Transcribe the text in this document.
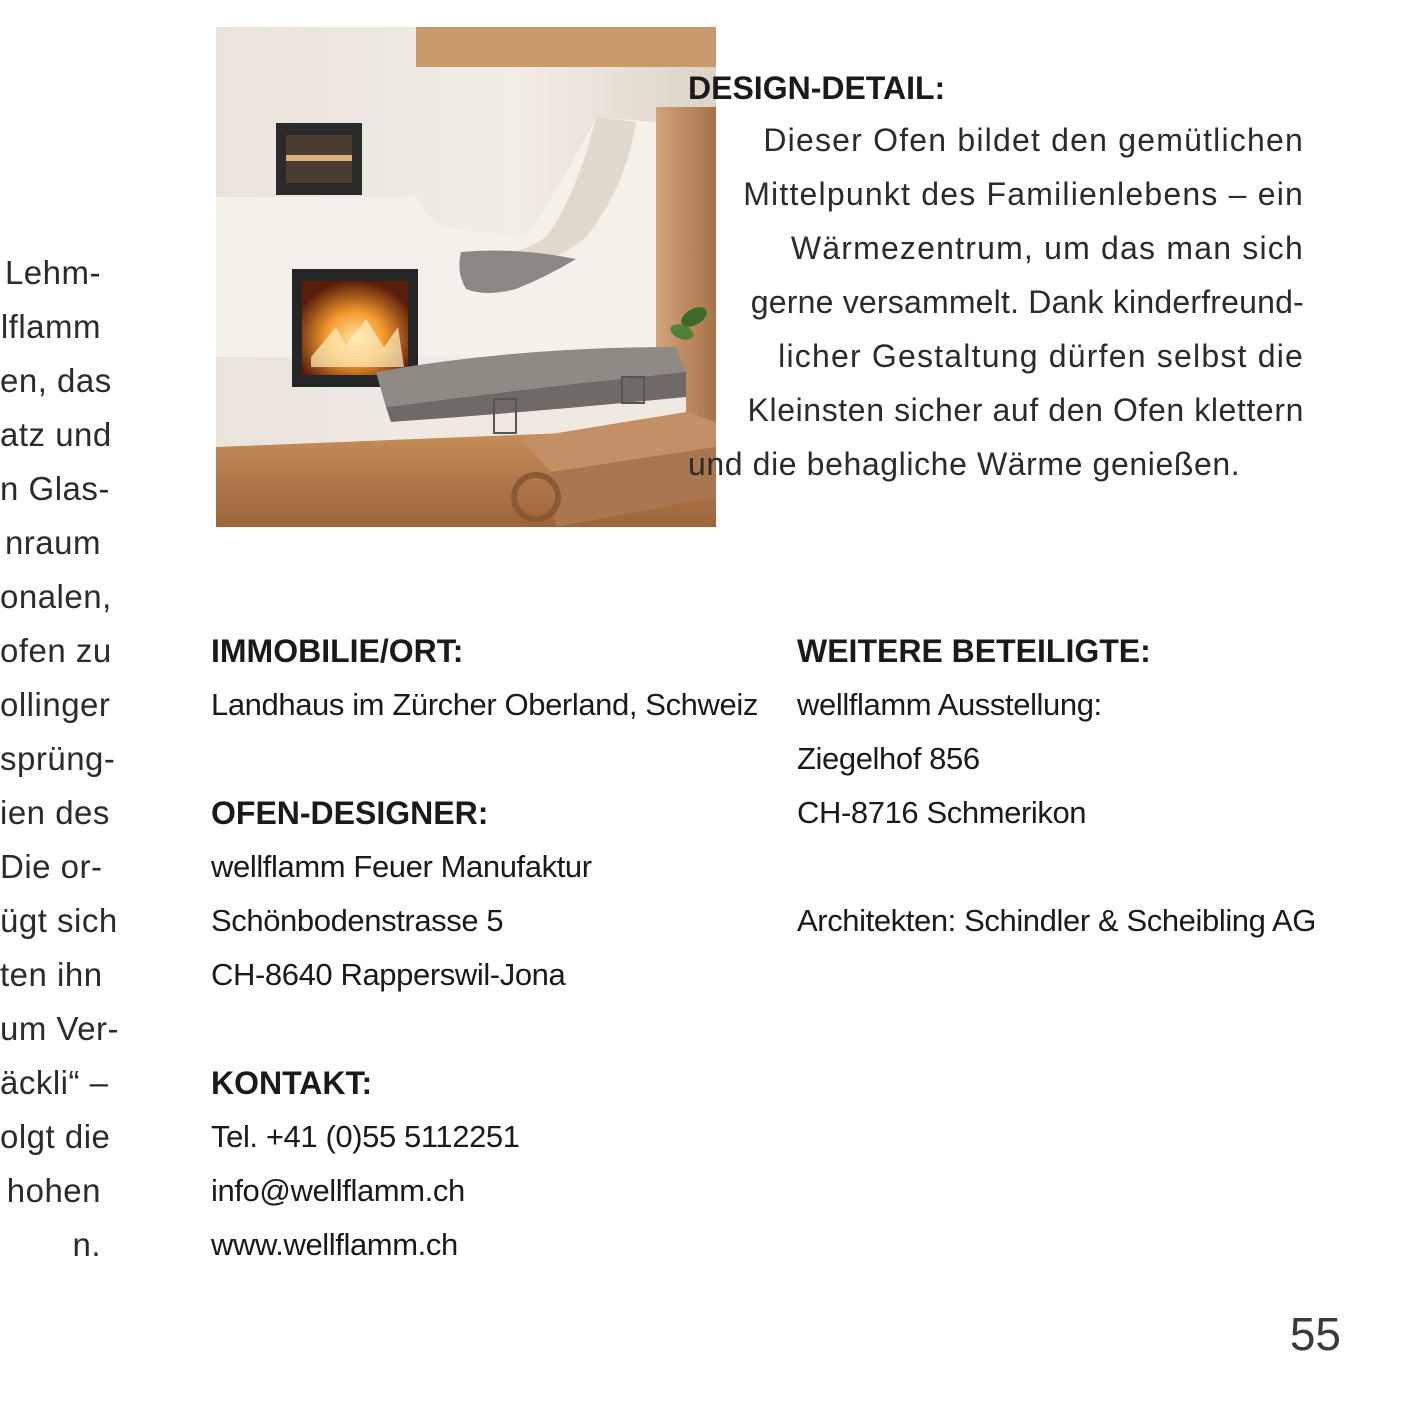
Lehm-
lflamm
en, das
atz und
n Glas-
nraum
onalen,
ofen zu
ollinger
sprüng-
ien des
Die or-
ügt sich
ten ihn
um Ver-
äckli“ –
olgt die
hohen
n.
DESIGN-DETAIL:
Dieser Ofen bildet den gemütlichen
Mittelpunkt des Familienlebens – ein
Wärmezentrum, um das man sich
gerne versammelt. Dank kinderfreund-
licher Gestaltung dürfen selbst die
Kleinsten sicher auf den Ofen klettern
und die behagliche Wärme genießen.
IMMOBILIE/ORT:
Landhaus im Zürcher Oberland, Schweiz
OFEN-DESIGNER:
wellflamm Feuer Manufaktur
Schönbodenstrasse 5
CH-8640 Rapperswil-Jona
KONTAKT:
Tel. +41 (0)55 5112251
info@wellflamm.ch
www.wellflamm.ch
WEITERE BETEILIGTE:
wellflamm Ausstellung:
Ziegelhof 856
CH-8716 Schmerikon
Architekten: Schindler & Scheibling AG
55
